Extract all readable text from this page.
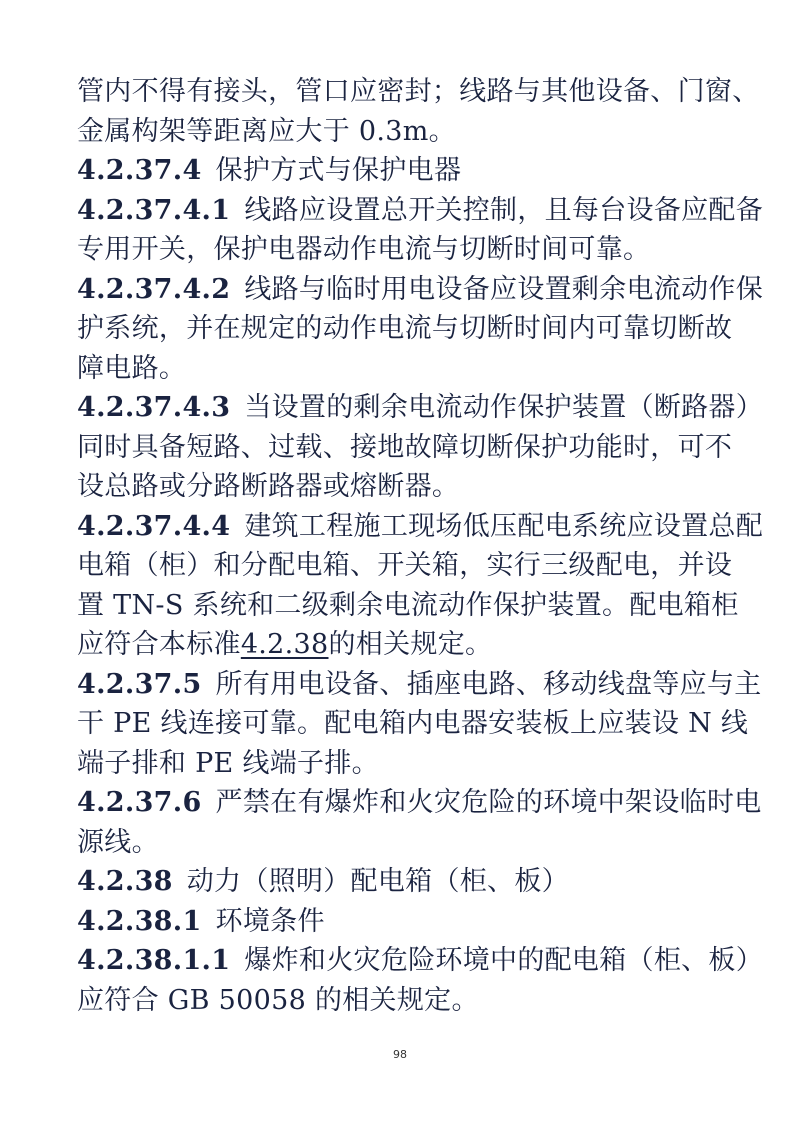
管内不得有接头，管口应密封；线路与其他设备、门窗、
金属构架等距离应大于 0.3m。
4.2.37.4 保护方式与保护电器
4.2.37.4.1 线路应设置总开关控制，且每台设备应配备
专用开关，保护电器动作电流与切断时间可靠。
4.2.37.4.2 线路与临时用电设备应设置剩余电流动作保
护系统，并在规定的动作电流与切断时间内可靠切断故
障电路。
4.2.37.4.3 当设置的剩余电流动作保护装置（断路器）
同时具备短路、过载、接地故障切断保护功能时，可不
设总路或分路断路器或熔断器。
4.2.37.4.4 建筑工程施工现场低压配电系统应设置总配
电箱（柜）和分配电箱、开关箱，实行三级配电，并设
置 TN-S 系统和二级剩余电流动作保护装置。配电箱柜
应符合本标准4.2.38的相关规定。
4.2.37.5 所有用电设备、插座电路、移动线盘等应与主
干 PE 线连接可靠。配电箱内电器安装板上应装设 N 线
端子排和 PE 线端子排。
4.2.37.6 严禁在有爆炸和火灾危险的环境中架设临时电
源线。
4.2.38 动力（照明）配电箱（柜、板）
4.2.38.1 环境条件
4.2.38.1.1 爆炸和火灾危险环境中的配电箱（柜、板）
应符合 GB 50058 的相关规定。
98
